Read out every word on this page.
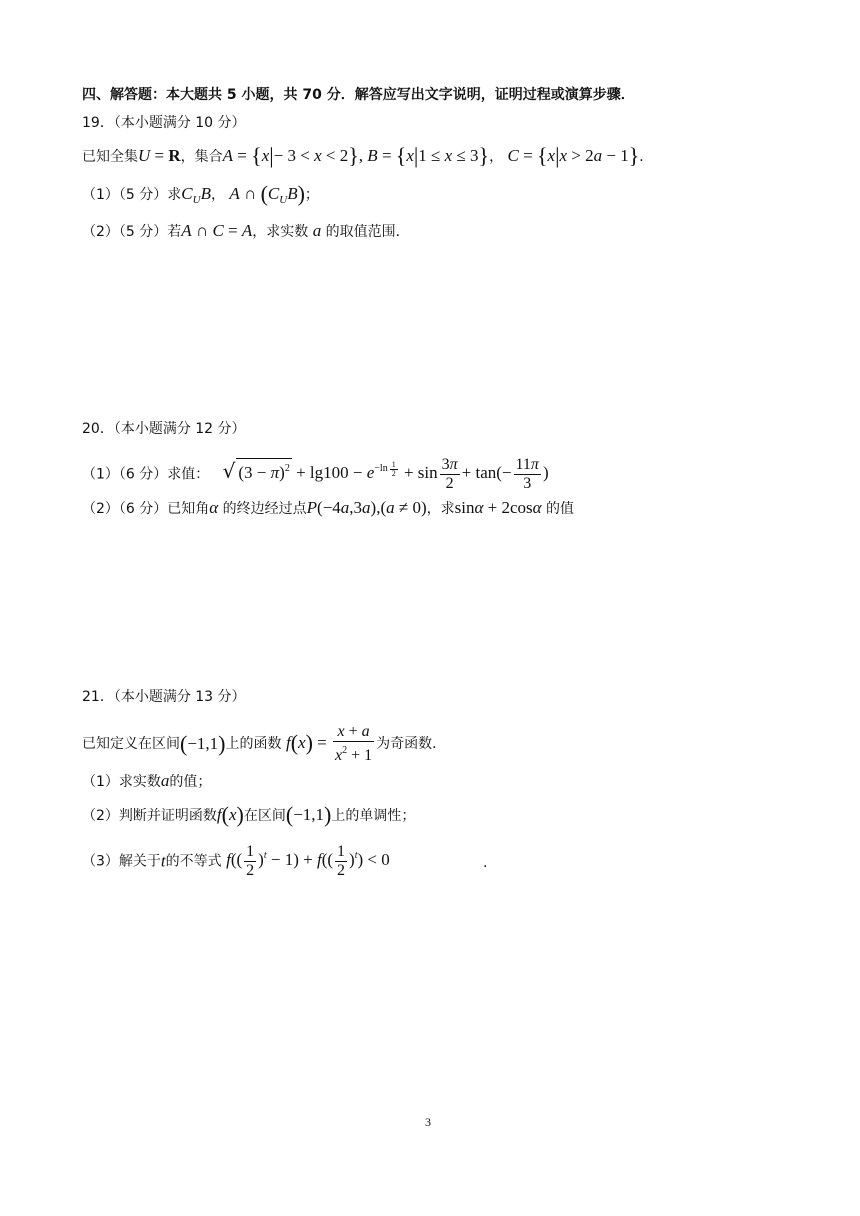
四、解答题：本大题共 5 小题，共 70 分．解答应写出文字说明，证明过程或演算步骤．
19．（本小题满分 10 分）
已知全集U = R，集合A = {x|− 3 < x < 2}, B = {x|1 ≤ x ≤ 3}， C = {x|x > 2a − 1}．
（1）（5 分）求$C_UB$， A ∩ $(C_UB)$；
（2）（5 分）若A ∩ C = A，求实数 a 的取值范围．
20．（本小题满分 12 分）
（1）（6 分）求值： √ $(3 - \pi)^2 + \lg 100 - e^{-ln \frac{1}{2}} + \sin \frac{3\pi}{2} + \tan(- \frac{11\pi}{3}$ )
（2）（6 分）已知角α 的终边经过点P(−4a,3a),(a ≠ 0)，求sinα + 2cosα 的值
21．（本小题满分 13 分）
已知定义在区间(−1,1)上的函数 $f(x) = \frac{x + a}{x^2 + 1}$ 为奇函数．
（1）求实数a的值；
（2）判断并证明函数f(x)在区间(−1,1)上的单调性；
（3）解关于t的不等式 $f(( \frac{1}{2} )^t - 1) + f(( \frac{1}{2} )^t) < 0$	.
3
